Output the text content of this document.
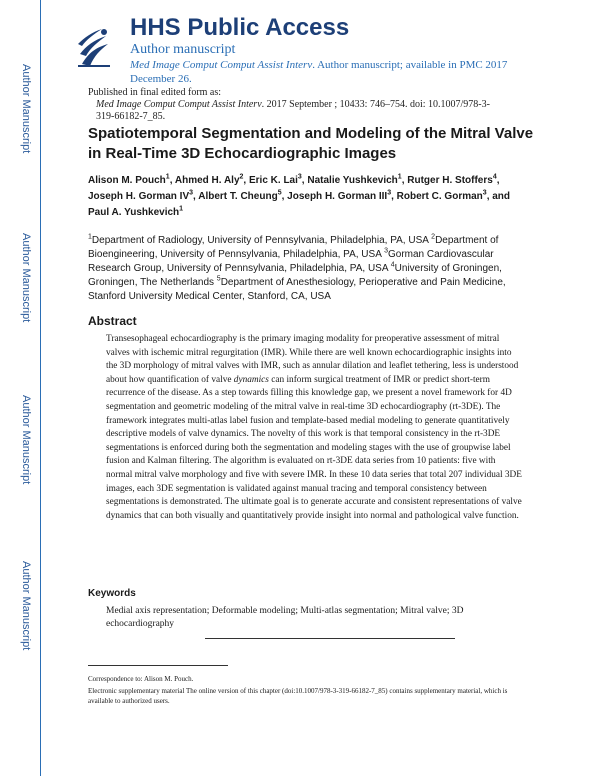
Author Manuscript
Author Manuscript
Author Manuscript
Author Manuscript
HHS Public Access
Author manuscript
Med Image Comput Comput Assist Interv. Author manuscript; available in PMC 2017 December 26.
Published in final edited form as:
Med Image Comput Comput Assist Interv. 2017 September ; 10433: 746–754. doi: 10.1007/978-3-319-66182-7_85.
Spatiotemporal Segmentation and Modeling of the Mitral Valve in Real-Time 3D Echocardiographic Images
Alison M. Pouch$^1$, Ahmed H. Aly$^2$, Eric K. Lai$^3$, Natalie Yushkevich$^1$, Rutger H. Stoffers$^4$, Joseph H. Gorman $IV^3$, Albert T. Cheung$^5$, Joseph H. Gorman III$^3$, Robert C. Gorman$^3$, and Paul A. Yushkevich$^1$
$^1$Department of Radiology, University of Pennsylvania, Philadelphia, PA, USA $^2$Department of Bioengineering, University of Pennsylvania, Philadelphia, PA, USA $^3$Gorman Cardiovascular Research Group, University of Pennsylvania, Philadelphia, PA, USA $^4$University of Groningen, Groningen, The Netherlands $^5$Department of Anesthesiology, Perioperative and Pain Medicine, Stanford University Medical Center, Stanford, CA, USA
Abstract
Transesophageal echocardiography is the primary imaging modality for preoperative assessment of mitral valves with ischemic mitral regurgitation (IMR). While there are well known echocardiographic insights into the 3D morphology of mitral valves with IMR, such as annular dilation and leaflet tethering, less is understood about how quantification of valve dynamics can inform surgical treatment of IMR or predict short-term recurrence of the disease. As a step towards filling this knowledge gap, we present a novel framework for 4D segmentation and geometric modeling of the mitral valve in real-time 3D echocardiography (rt-3DE). The framework integrates multi-atlas label fusion and template-based medial modeling to generate quantitatively descriptive models of valve dynamics. The novelty of this work is that temporal consistency in the rt-3DE segmentations is enforced during both the segmentation and modeling stages with the use of groupwise label fusion and Kalman filtering. The algorithm is evaluated on rt-3DE data series from 10 patients: five with normal mitral valve morphology and five with severe IMR. In these 10 data series that total 207 individual 3DE images, each 3DE segmentation is validated against manual tracing and temporal consistency between segmentations is demonstrated. The ultimate goal is to generate accurate and consistent representations of valve dynamics that can both visually and quantitatively provide insight into normal and pathological valve function.
Keywords
Medial axis representation; Deformable modeling; Multi-atlas segmentation; Mitral valve; 3D echocardiography
Correspondence to: Alison M. Pouch.
Electronic supplementary material The online version of this chapter (doi:10.1007/978-3-319-66182-7_85) contains supplementary material, which is available to authorized users.
